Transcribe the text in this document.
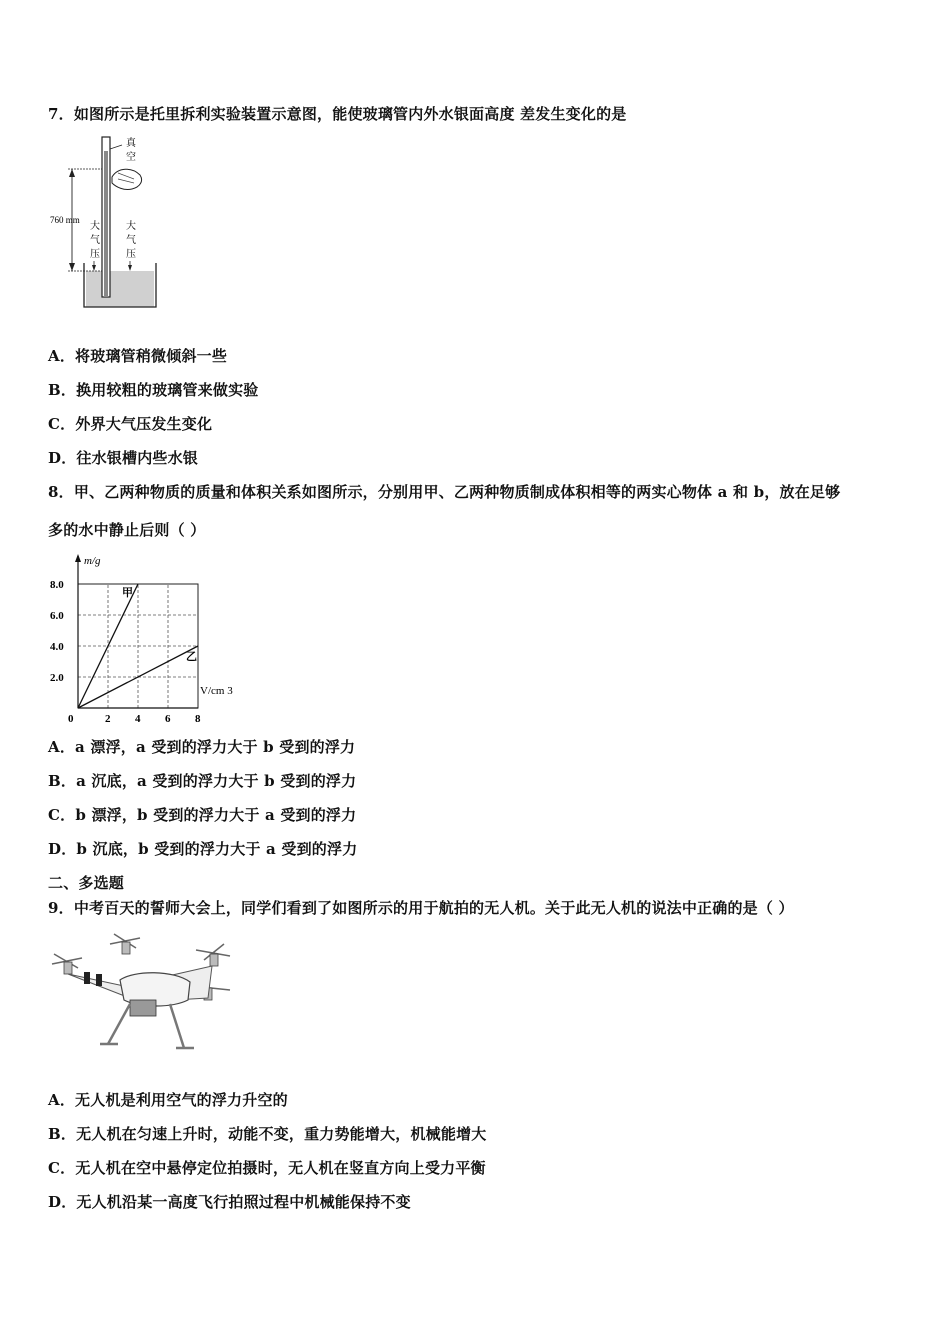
7．如图所示是托里拆利实验装置示意图，能使玻璃管内外水银面高度 差发生变化的是
真
空
760 mm
大
气
压
大
气
压
A．将玻璃管稍微倾斜一些
B．换用较粗的玻璃管来做实验
C．外界大气压发生变化
D．往水银槽内些水银
8．甲、乙两种物质的质量和体积关系如图所示，分别用甲、乙两种物质制成体积相等的两实心物体 a 和 b，放在足够
多的水中静止后则（ ）
0	2 4 6 8
2.0
4.0
6.0
8.0
m/g
V/cm 3
甲
乙
A．a 漂浮，a 受到的浮力大于 b 受到的浮力
B．a 沉底，a 受到的浮力大于 b 受到的浮力
C．b 漂浮，b 受到的浮力大于 a 受到的浮力
D．b 沉底，b 受到的浮力大于 a 受到的浮力
二、多选题
9．中考百天的誓师大会上，同学们看到了如图所示的用于航拍的无人机。关于此无人机的说法中正确的是（ ）
A．无人机是利用空气的浮力升空的
B．无人机在匀速上升时，动能不变，重力势能增大，机械能增大
C．无人机在空中悬停定位拍摄时，无人机在竖直方向上受力平衡
D．无人机沿某一高度飞行拍照过程中机械能保持不变
